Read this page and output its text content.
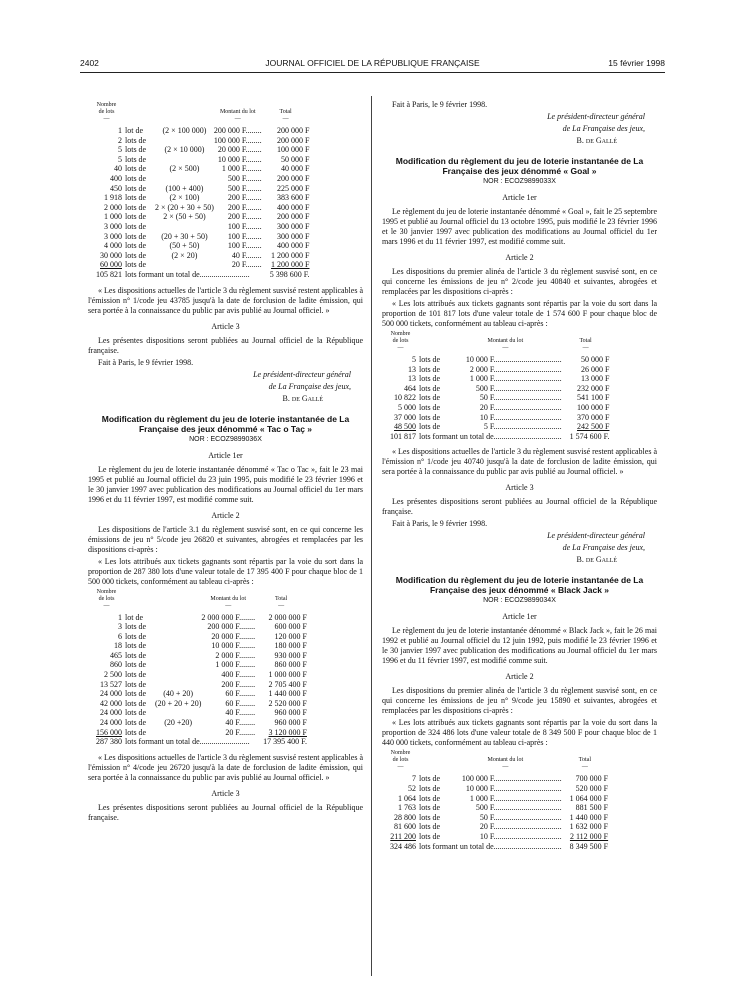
2402	JOURNAL OFFICIEL DE LA RÉPUBLIQUE FRANÇAISE	15 février 1998
Nombre
de lots
—			Montant du lot
—	Total
—
1	lot de	(2 × 100 000)	200 000 F........	200 000 F
2	lots de		100 000 F........	200 000 F
5	lots de	(2 × 10 000)	20 000 F........	100 000 F
5	lots de		10 000 F........	50 000 F
40	lots de	(2 × 500)	1 000 F........	40 000 F
400	lots de		500 F........	200 000 F
450	lots de	(100 + 400)	500 F........	225 000 F
1 918	lots de	(2 × 100)	200 F........	383 600 F
2 000	lots de	2 × (20 + 30 + 50)	200 F........	400 000 F
1 000	lots de	2 × (50 + 50)	200 F........	200 000 F
3 000	lots de		100 F........	300 000 F
3 000	lots de	(20 + 30 + 50)	100 F........	300 000 F
4 000	lots de	(50 + 50)	100 F........	400 000 F
30 000	lots de	(2 × 20)	40 F........	1 200 000 F
60 000	lots de		20 F........	1 200 000 F
105 821	lots formant un total de.........................			5 398 600 F.

« Les dispositions actuelles de l'article 3 du règlement susvisé restent applicables à l'émission n° 1/code jeu 43785 jusqu'à la date de forclusion de ladite émission, qui sera portée à la connaissance du public par avis publié au Journal officiel. »

Article 3

Les présentes dispositions seront publiées au Journal officiel de la République française.

Fait à Paris, le 9 février 1998.

Le président-directeur général

de La Française des jeux,

B. de Gallé

Modification du règlement du jeu de loterie instantanée de La Française des jeux dénommé « Tac o Taç »
NOR : ECOZ9899036X

Article 1er

Le règlement du jeu de loterie instantanée dénommé « Tac o Tac », fait le 23 mai 1995 et publié au Journal officiel du 23 juin 1995, puis modifié le 23 février 1996 et le 30 janvier 1997 avec publication des modifications au Journal officiel du 1er mars 1996 et du 11 février 1997, est modifié comme suit.

Article 2

Les dispositions de l'article 3.1 du règlement susvisé sont, en ce qui concerne les émissions de jeu n° 5/code jeu 26820 et suivantes, abrogées et remplacées par les dispositions ci-après :

« Les lots attribués aux tickets gagnants sont répartis par la voie du sort dans la proportion de 287 380 lots d'une valeur totale de 17 395 400 F pour chaque bloc de 1 500 000 tickets, conformément au tableau ci-après :

Nombre
de lots
—			Montant du lot
—	Total
—
1	lot de		2 000 000 F........	2 000 000 F
3	lots de		200 000 F........	600 000 F
6	lots de		20 000 F........	120 000 F
18	lots de		10 000 F........	180 000 F
465	lots de		2 000 F........	930 000 F
860	lots de		1 000 F........	860 000 F
2 500	lots de		400 F........	1 000 000 F
13 527	lots de		200 F........	2 705 400 F
24 000	lots de	(40 + 20)	60 F........	1 440 000 F
42 000	lots de	(20 + 20 + 20)	60 F........	2 520 000 F
24 000	lots de		40 F........	960 000 F
24 000	lots de	(20 +20)	40 F........	960 000 F
156 000	lots de		20 F........	3 120 000 F
287 380	lots formant un total de.........................			17 395 400 F.

« Les dispositions actuelles de l'article 3 du règlement susvisé restent applicables à l'émission n° 4/code jeu 26720 jusqu'à la date de forclusion de ladite émission, qui sera portée à la connaissance du public par avis publié au Journal officiel. »

Article 3

Les présentes dispositions seront publiées au Journal officiel de la République française.

Fait à Paris, le 9 février 1998.

Le président-directeur général

de La Française des jeux,

B. de Gallé

Modification du règlement du jeu de loterie instantanée de La Française des jeux dénommé « Goal »
NOR : ECOZ9899033X

Article 1er

Le règlement du jeu de loterie instantanée dénommé « Goal », fait le 25 septembre 1995 et publié au Journal officiel du 13 octobre 1995, puis modifié le 23 février 1996 et le 30 janvier 1997 avec publication des modifications au Journal officiel du 1er mars 1996 et du 11 février 1997, est modifié comme suit.

Article 2

Les dispositions du premier alinéa de l'article 3 du règlement susvisé sont, en ce qui concerne les émissions de jeu n° 2/code jeu 40840 et suivantes, abrogées et remplacées par les dispositions ci-après :

« Les lots attribués aux tickets gagnants sont répartis par la voie du sort dans la proportion de 101 817 lots d'une valeur totale de 1 574 600 F pour chaque bloc de 500 000 tickets, conformément au tableau ci-après :

Nombre
de lots
—		Montant du lot
—	Total
—
5	lots de	10 000 F..................................	50 000 F
13	lots de	2 000 F..................................	26 000 F
13	lots de	1 000 F..................................	13 000 F
464	lots de	500 F..................................	232 000 F
10 822	lots de	50 F..................................	541 100 F
5 000	lots de	20 F..................................	100 000 F
37 000	lots de	10 F..................................	370 000 F
48 500	lots de	5 F..................................	242 500 F
101 817	lots formant un total de..................................		1 574 600 F.

« Les dispositions actuelles de l'article 3 du règlement susvisé restent applicables à l'émission n° 1/code jeu 40740 jusqu'à la date de forclusion de ladite émission, qui sera portée à la connaissance du public par avis publié au Journal officiel. »

Article 3

Les présentes dispositions seront publiées au Journal officiel de la République française.

Fait à Paris, le 9 février 1998.

Le président-directeur général

de La Française des jeux,

B. de Gallé

Modification du règlement du jeu de loterie instantanée de La Française des jeux dénommé « Black Jack »
NOR : ECOZ9899034X

Article 1er

Le règlement du jeu de loterie instantanée dénommé « Black Jack », fait le 26 mai 1992 et publié au Journal officiel du 12 juin 1992, puis modifié le 23 février 1996 et le 30 janvier 1997 avec publication des modifications au Journal officiel du 1er mars 1996 et du 11 février 1997, est modifié comme suit.

Article 2

Les dispositions du premier alinéa de l'article 3 du règlement susvisé sont, en ce qui concerne les émissions de jeu n° 9/code jeu 15890 et suivantes, abrogées et remplacées par les dispositions ci-après :

« Les lots attribués aux tickets gagnants sont répartis par la voie du sort dans la proportion de 324 486 lots d'une valeur totale de 8 349 500 F pour chaque bloc de 1 440 000 tickets, conformément au tableau ci-après :

Nombre
de lots
—		Montant du lot
—	Total
—
7	lots de	100 000 F..................................	700 000 F
52	lots de	10 000 F..................................	520 000 F
1 064	lots de	1 000 F..................................	1 064 000 F
1 763	lots de	500 F..................................	881 500 F
28 800	lots de	50 F..................................	1 440 000 F
81 600	lots de	20 F..................................	1 632 000 F
211 200	lots de	10 F..................................	2 112 000 F
324 486	lots formant un total de..................................		8 349 500 F
